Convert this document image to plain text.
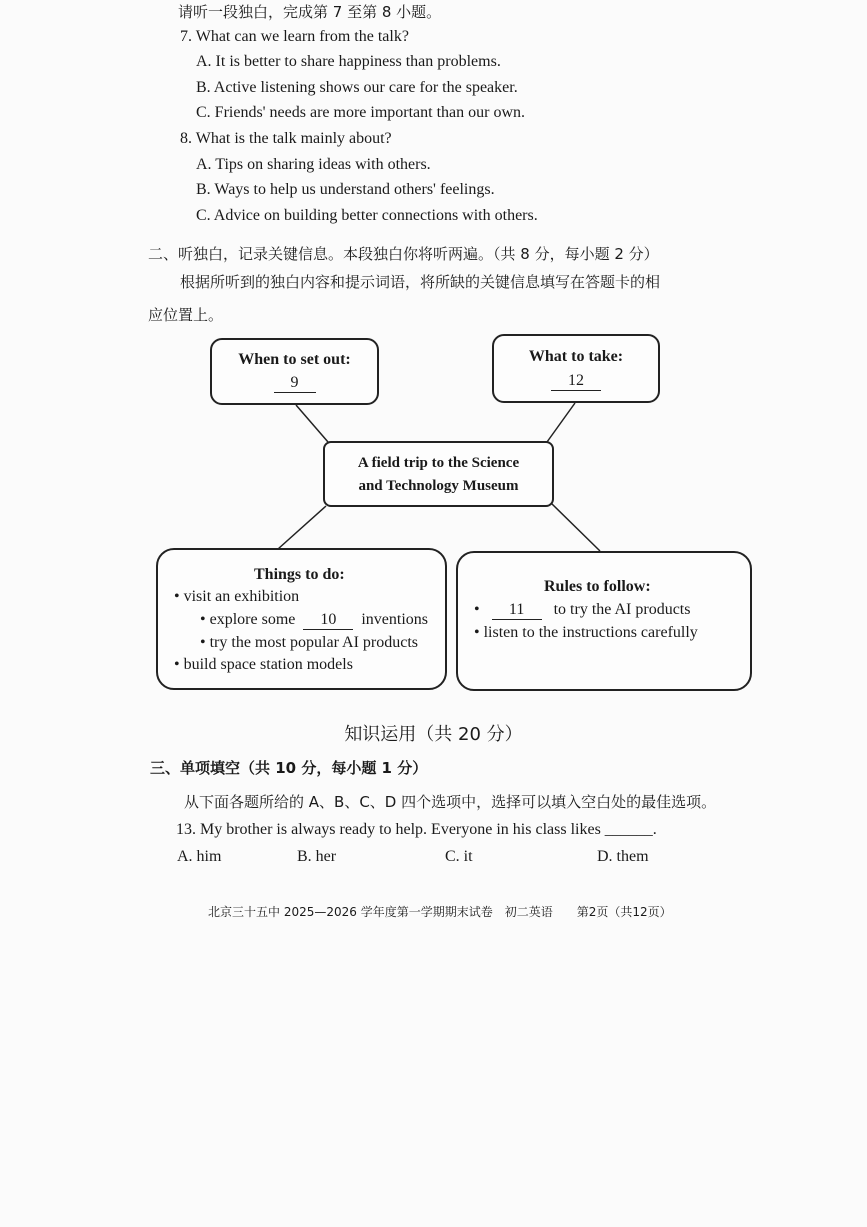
请听一段独白，完成第 7 至第 8 小题。
7. What can we learn from the talk?
A. It is better to share happiness than problems.
B. Active listening shows our care for the speaker.
C. Friends' needs are more important than our own.
8. What is the talk mainly about?
A. Tips on sharing ideas with others.
B. Ways to help us understand others' feelings.
C. Advice on building better connections with others.
二、听独白，记录关键信息。本段独白你将听两遍。（共 8 分，每小题 2 分）
根据所听到的独白内容和提示词语，将所缺的关键信息填写在答题卡的相
应位置上。
When to set out:
9
What to take:
12
A field trip to the Science
and Technology Museum
Things to do:
• visit an exhibition
• explore some 10 inventions
• try the most popular AI products
• build space station models
Rules to follow:
•   11 to try the AI products
• listen to the instructions carefully
知识运用（共 20 分）
三、单项填空（共 10 分，每小题 1 分）
从下面各题所给的 A、B、C、D 四个选项中，选择可以填入空白处的最佳选项。
13. My brother is always ready to help. Everyone in his class likes ______.
A. him	B. her	C. it	D. them
北京三十五中 2025—2026 学年度第一学期期末试卷　初二英语　　第2页（共12页）
